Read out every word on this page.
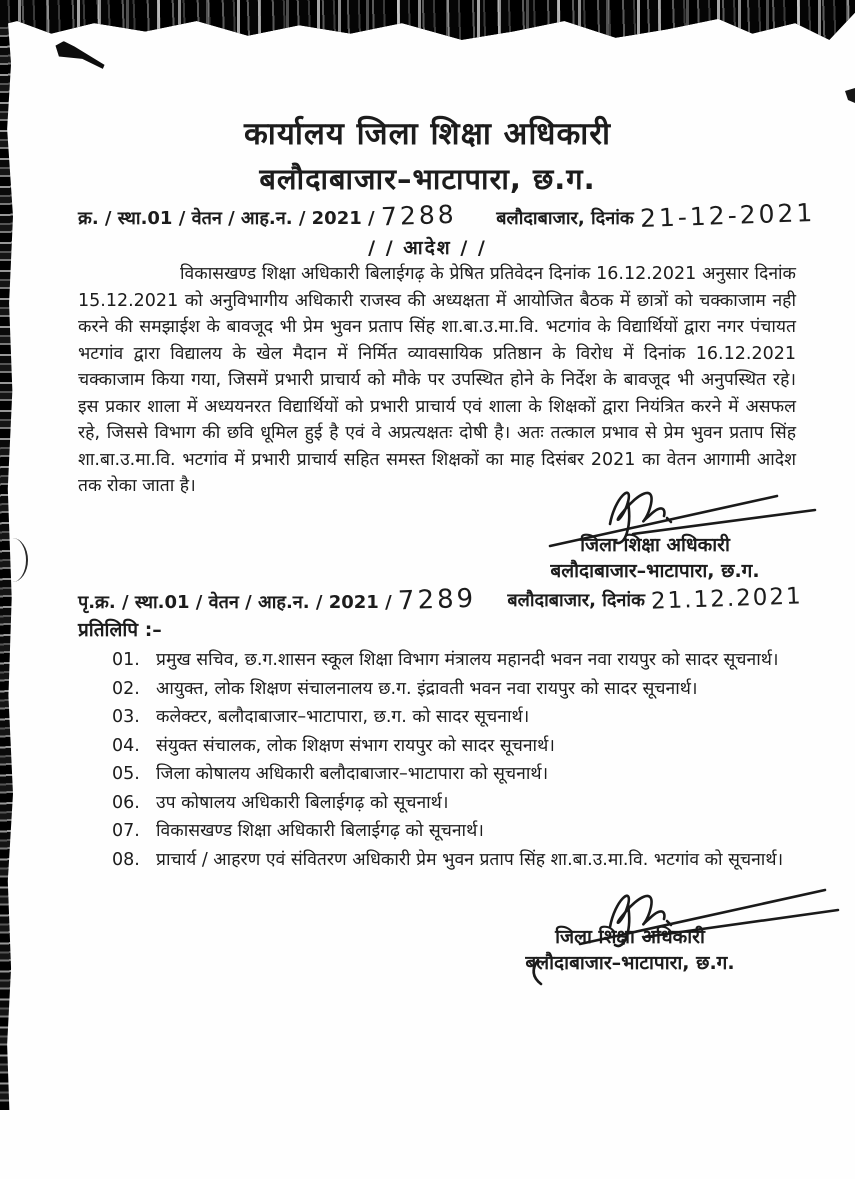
कार्यालय जिला शिक्षा अधिकारी
बलौदाबाजार–भाटापारा, छ.ग.
क्र. / स्था.01 / वेतन / आह.न. / 2021 / 7288 बलौदाबाजार, दिनांक 21-12-2021
/ / आदेश / /

विकासखण्ड शिक्षा अधिकारी बिलाईगढ़ के प्रेषित प्रतिवेदन दिनांक 16.12.2021 अनुसार दिनांक 15.12.2021 को अनुविभागीय अधिकारी राजस्व की अध्यक्षता में आयोजित बैठक में छात्रों को चक्काजाम नही करने की समझाईश के बावजूद भी प्रेम भुवन प्रताप सिंह शा.बा.उ.मा.वि. भटगांव के विद्यार्थियों द्वारा नगर पंचायत भटगांव द्वारा विद्यालय के खेल मैदान में निर्मित व्यावसायिक प्रतिष्ठान के विरोध में दिनांक 16.12.2021 चक्काजाम किया गया, जिसमें प्रभारी प्राचार्य को मौके पर उपस्थित होने के निर्देश के बावजूद भी अनुपस्थित रहे। इस प्रकार शाला में अध्ययनरत विद्यार्थियों को प्रभारी प्राचार्य एवं शाला के शिक्षकों द्वारा नियंत्रित करने में असफल रहे, जिससे विभाग की छवि धूमिल हुई है एवं वे अप्रत्यक्षतः दोषी है। अतः तत्काल प्रभाव से प्रेम भुवन प्रताप सिंह शा.बा.उ.मा.वि. भटगांव में प्रभारी प्राचार्य सहित समस्त शिक्षकों का माह दिसंबर 2021 का वेतन आगामी आदेश तक रोका जाता है।

जिला शिक्षा अधिकारी
बलौदाबाजार–भाटापारा, छ.ग.
बलौदाबाजार, दिनांक 21.12.2021
पृ.क्र. / स्था.01 / वेतन / आह.न. / 2021 / 7289
प्रतिलिपि :–
01. प्रमुख सचिव, छ.ग.शासन स्कूल शिक्षा विभाग मंत्रालय महानदी भवन नवा रायपुर को सादर सूचनार्थ।
02. आयुक्त, लोक शिक्षण संचालनालय छ.ग. इंद्रावती भवन नवा रायपुर को सादर सूचनार्थ।
03. कलेक्टर, बलौदाबाजार–भाटापारा, छ.ग. को सादर सूचनार्थ।
04. संयुक्त संचालक, लोक शिक्षण संभाग रायपुर को सादर सूचनार्थ।
05. जिला कोषालय अधिकारी बलौदाबाजार–भाटापारा को सूचनार्थ।
06. उप कोषालय अधिकारी बिलाईगढ़ को सूचनार्थ।
07. विकासखण्ड शिक्षा अधिकारी बिलाईगढ़ को सूचनार्थ।
08. प्राचार्य / आहरण एवं संवितरण अधिकारी प्रेम भुवन प्रताप सिंह शा.बा.उ.मा.वि. भटगांव को सूचनार्थ।
जिला शिक्षा अधिकारी
बलौदाबाजार–भाटापारा, छ.ग.
